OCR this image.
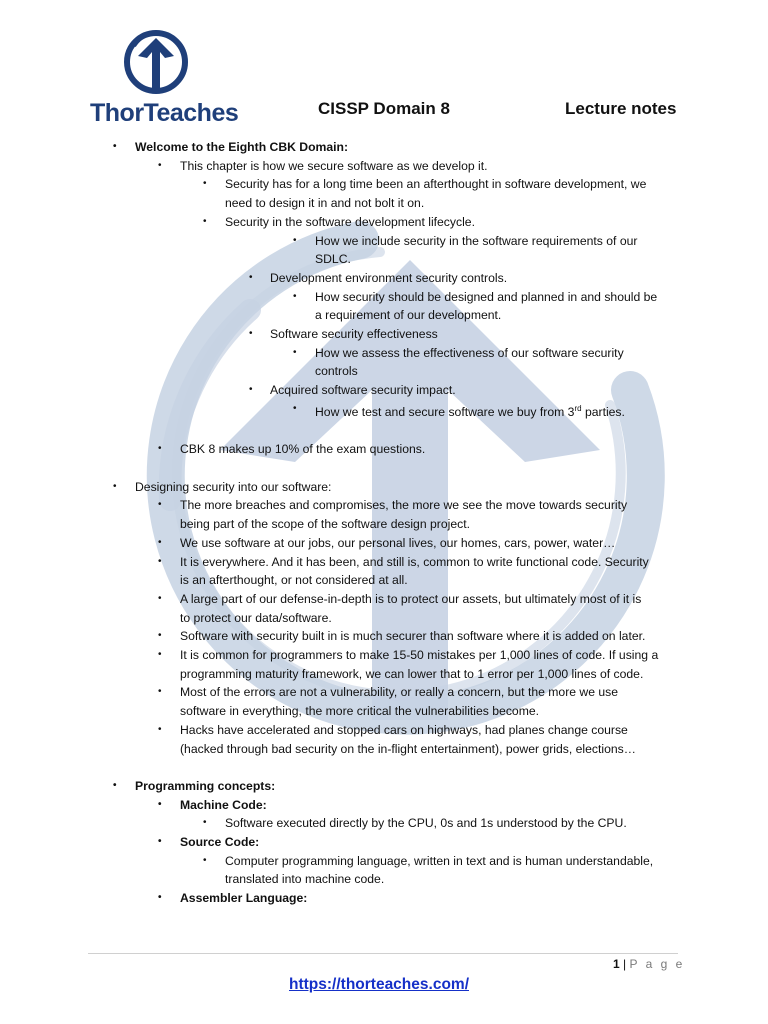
ThorTeaches	CISSP Domain 8	Lecture notes
• Welcome to the Eighth CBK Domain:
• This chapter is how we secure software as we develop it.
• Security has for a long time been an afterthought in software development, we
need to design it in and not bolt it on.
• Security in the software development lifecycle.
• How we include security in the software requirements of our
SDLC.
• Development environment security controls.
• How security should be designed and planned in and should be
a requirement of our development.
• Software security effectiveness
• How we assess the effectiveness of our software security
controls
• Acquired software security impact.
• How we test and secure software we buy from 3rd parties.
• CBK 8 makes up 10% of the exam questions.
• Designing security into our software:
• The more breaches and compromises, the more we see the move towards security
being part of the scope of the software design project.
• We use software at our jobs, our personal lives, our homes, cars, power, water…
• It is everywhere. And it has been, and still is, common to write functional code. Security
is an afterthought, or not considered at all.
• A large part of our defense-in-depth is to protect our assets, but ultimately most of it is
to protect our data/software.
• Software with security built in is much securer than software where it is added on later.
• It is common for programmers to make 15-50 mistakes per 1,000 lines of code. If using a
programming maturity framework, we can lower that to 1 error per 1,000 lines of code.
• Most of the errors are not a vulnerability, or really a concern, but the more we use
software in everything, the more critical the vulnerabilities become.
• Hacks have accelerated and stopped cars on highways, had planes change course
(hacked through bad security on the in-flight entertainment), power grids, elections…
• Programming concepts:
• Machine Code:
• Software executed directly by the CPU, 0s and 1s understood by the CPU.
• Source Code:
• Computer programming language, written in text and is human understandable,
translated into machine code.
• Assembler Language:
1 | P a g e
https://thorteaches.com/
